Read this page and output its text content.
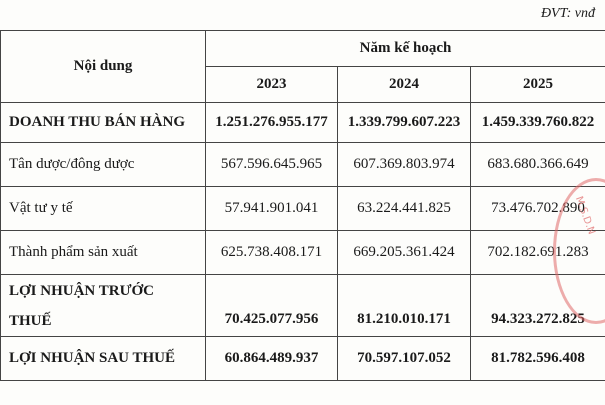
ĐVT: vnđ
Nội dung	Năm kế hoạch		
	2023	2024	2025
DOANH THU BÁN HÀNG	1.251.276.955.177	1.339.799.607.223	1.459.339.760.822
Tân dược/đông dược	567.596.645.965	607.369.803.974	683.680.366.649
Vật tư y tế	57.941.901.041	63.224.441.825	73.476.702.890
Thành phẩm sản xuất	625.738.408.171	669.205.361.424	702.182.691.283
LỢI NHUẬN TRƯỚC
THUẾ	70.425.077.956	81.210.010.171	94.323.272.825
LỢI NHUẬN SAU THUẾ	60.864.489.937	70.597.107.052	81.782.596.408
M.S.D.N
